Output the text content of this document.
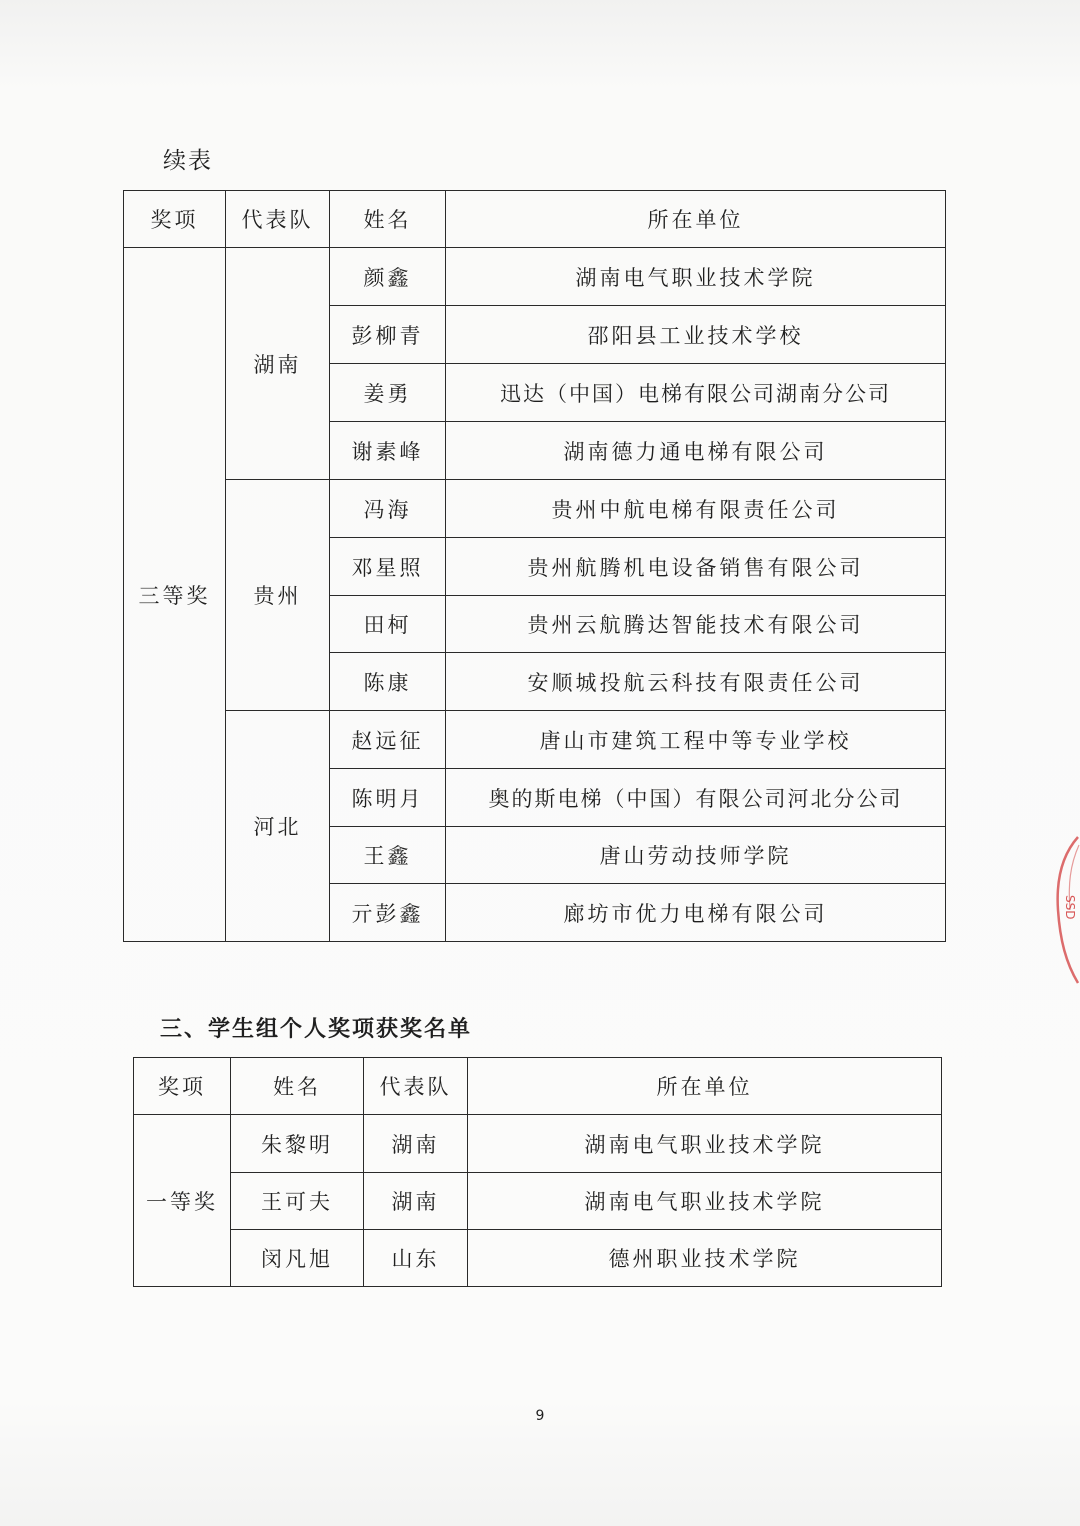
续表
奖项	代表队	姓名	所在单位
三等奖	湖南	颜鑫	湖南电气职业技术学院
		彭柳青	邵阳县工业技术学校
		姜勇	迅达（中国）电梯有限公司湖南分公司
		谢素峰	湖南德力通电梯有限公司
	贵州	冯海	贵州中航电梯有限责任公司
		邓星照	贵州航腾机电设备销售有限公司
		田柯	贵州云航腾达智能技术有限公司
		陈康	安顺城投航云科技有限责任公司
	河北	赵远征	唐山市建筑工程中等专业学校
		陈明月	奥的斯电梯（中国）有限公司河北分公司
		王鑫	唐山劳动技师学院
		亓彭鑫	廊坊市优力电梯有限公司
三、学生组个人奖项获奖名单
奖项	姓名	代表队	所在单位
一等奖	朱黎明	湖南	湖南电气职业技术学院
	王可夫	湖南	湖南电气职业技术学院
	闵凡旭	山东	德州职业技术学院
9
SSD
